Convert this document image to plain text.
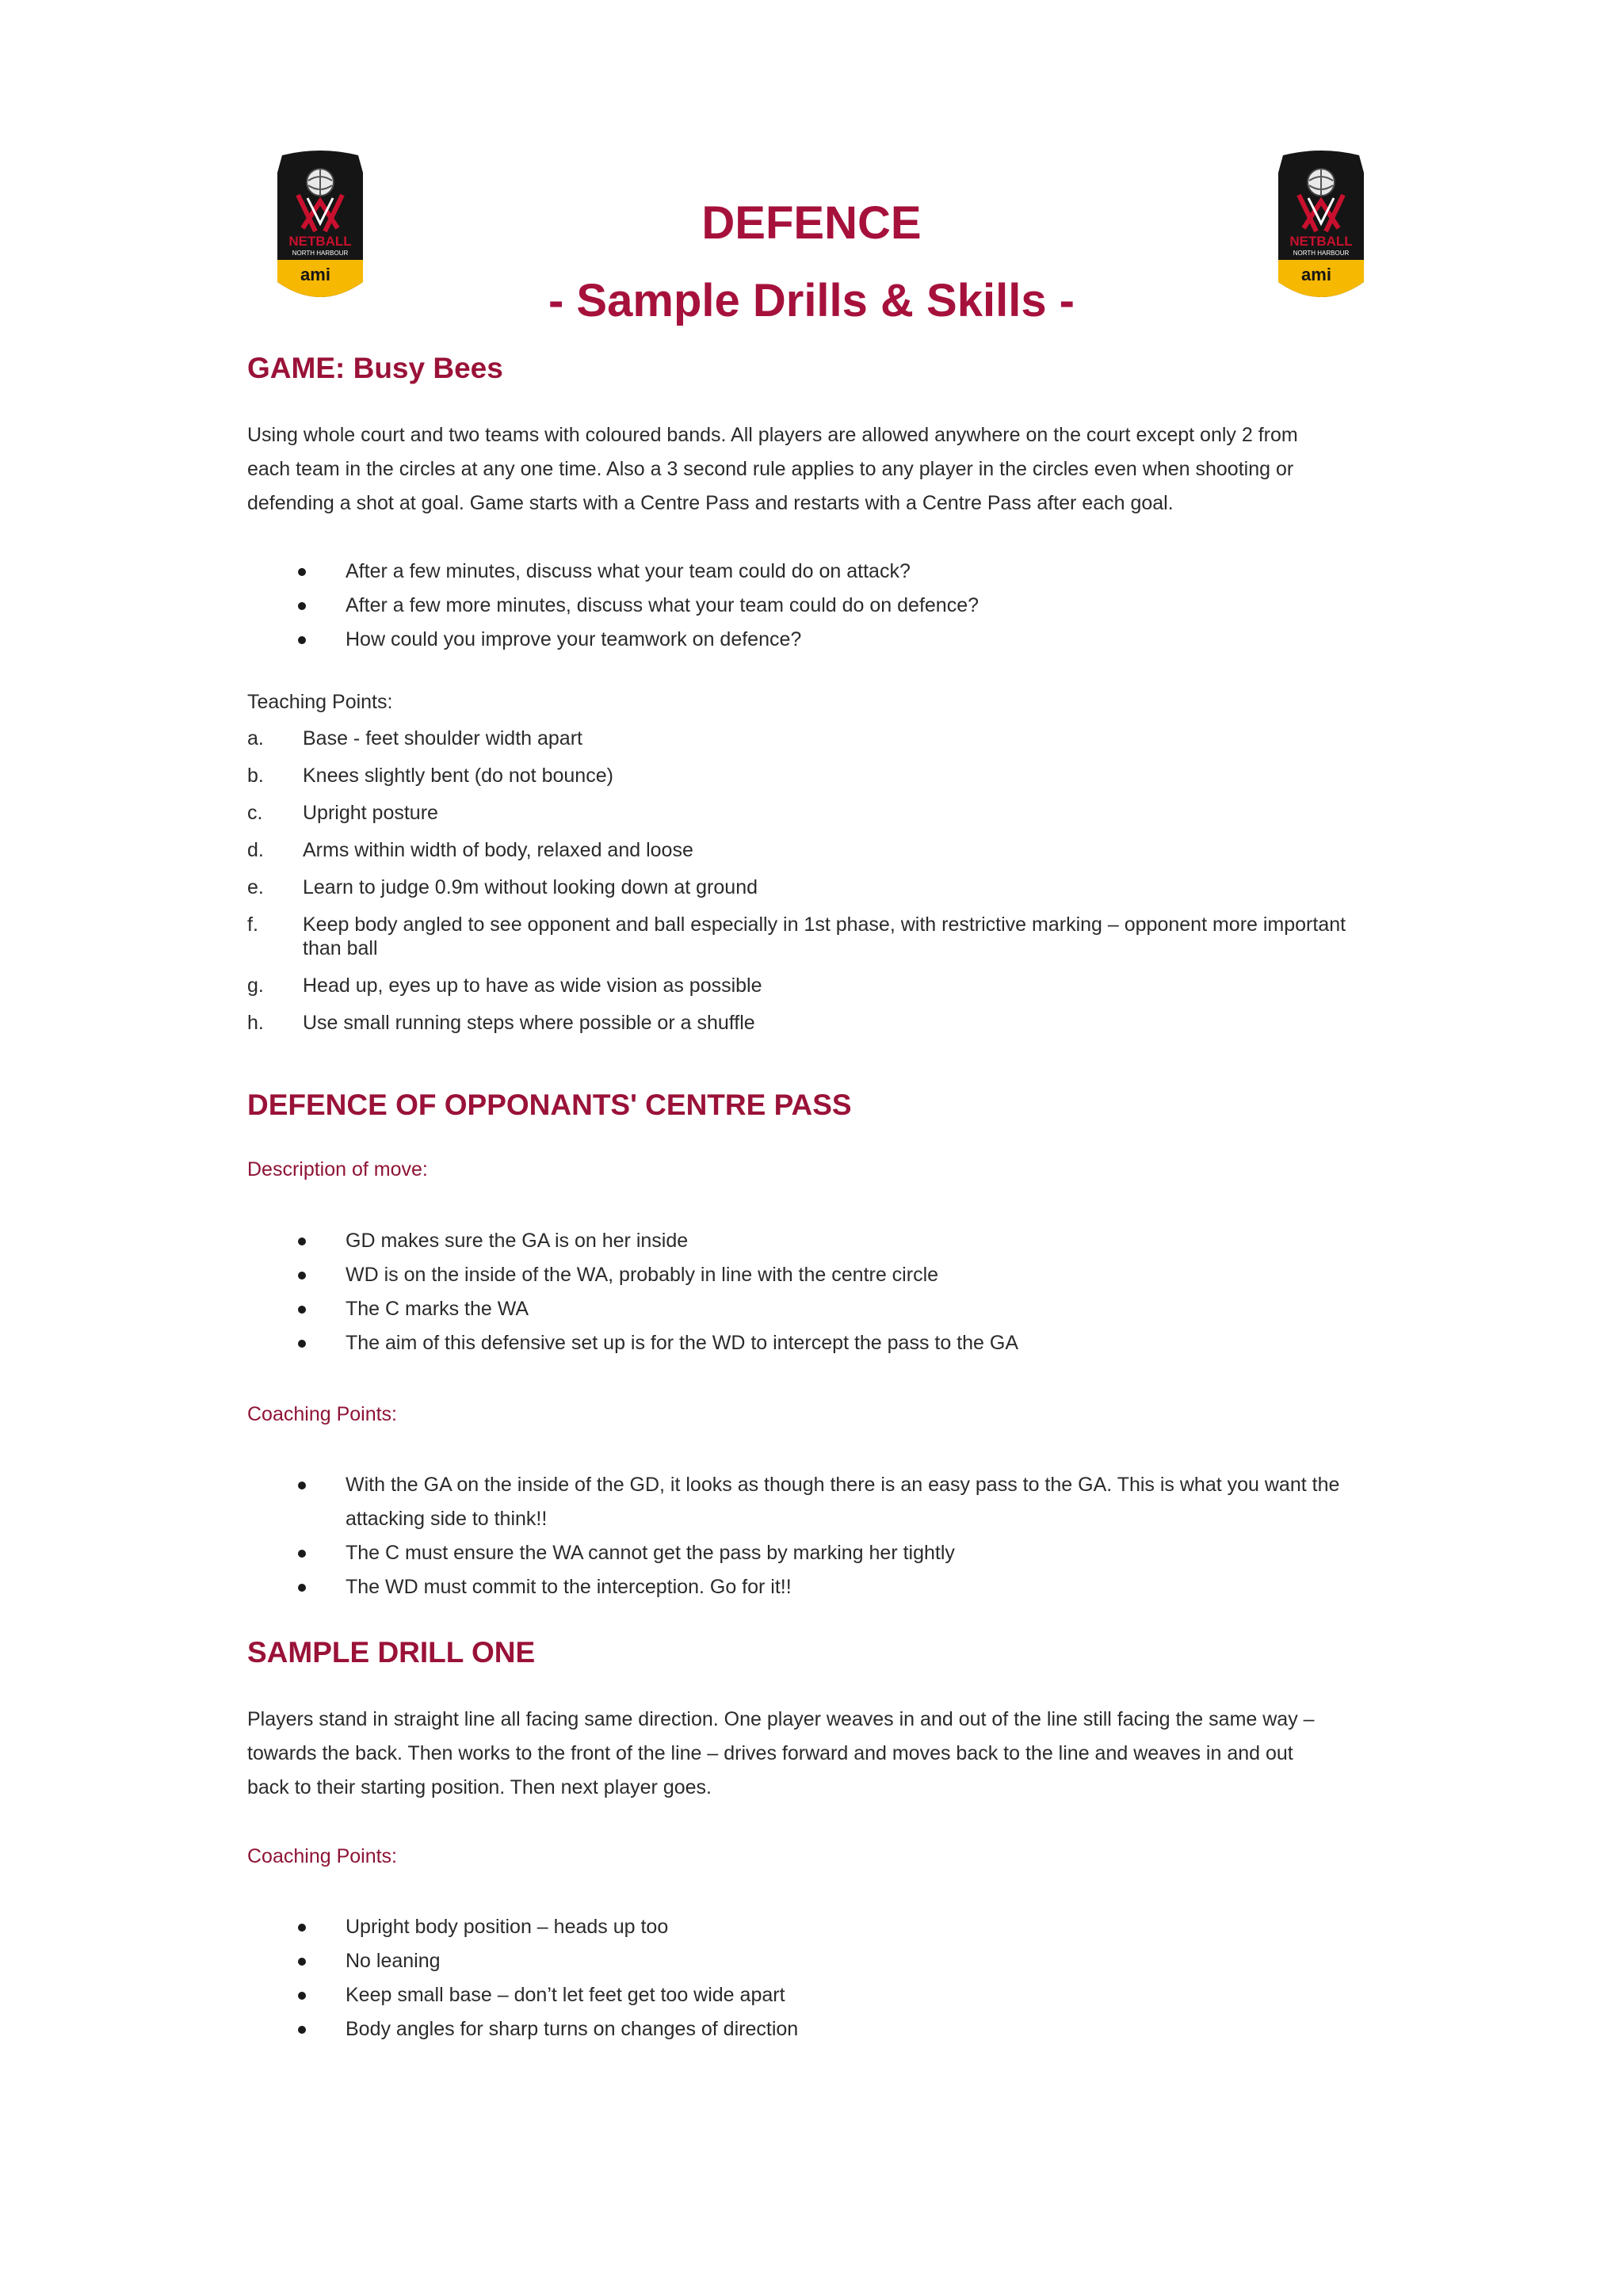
NETBALL
NORTH HARBOUR
ami
NETBALL
NORTH HARBOUR
ami
DEFENCE
- Sample Drills & Skills -
GAME: Busy Bees
Using whole court and two teams with coloured bands. All players are allowed anywhere on the court except only 2 from
each team in the circles at any one time. Also a 3 second rule applies to any player in the circles even when shooting or
defending a shot at goal. Game starts with a Centre Pass and restarts with a Centre Pass after each goal.
After a few minutes, discuss what your team could do on attack?
After a few more minutes, discuss what your team could do on defence?
How could you improve your teamwork on defence?

Teaching Points:

a. Base - feet shoulder width apart
b. Knees slightly bent (do not bounce)
c. Upright posture
d. Arms within width of body, relaxed and loose
e. Learn to judge 0.9m without looking down at ground
f. Keep body angled to see opponent and ball especially in 1st phase, with restrictive marking – opponent more important than ball
g. Head up, eyes up to have as wide vision as possible
h. Use small running steps where possible or a shuffle
DEFENCE OF OPPONANTS' CENTRE PASS

Description of move:

GD makes sure the GA is on her inside
WD is on the inside of the WA, probably in line with the centre circle
The C marks the WA
The aim of this defensive set up is for the WD to intercept the pass to the GA

Coaching Points:

With the GA on the inside of the GD, it looks as though there is an easy pass to the GA. This is what you want the attacking side to think!!
The C must ensure the WA cannot get the pass by marking her tightly
The WD must commit to the interception. Go for it!!
SAMPLE DRILL ONE
Players stand in straight line all facing same direction. One player weaves in and out of the line still facing the same way –
towards the back. Then works to the front of the line – drives forward and moves back to the line and weaves in and out
back to their starting position. Then next player goes.

Coaching Points:

Upright body position – heads up too
No leaning
Keep small base – don’t let feet get too wide apart
Body angles for sharp turns on changes of direction
